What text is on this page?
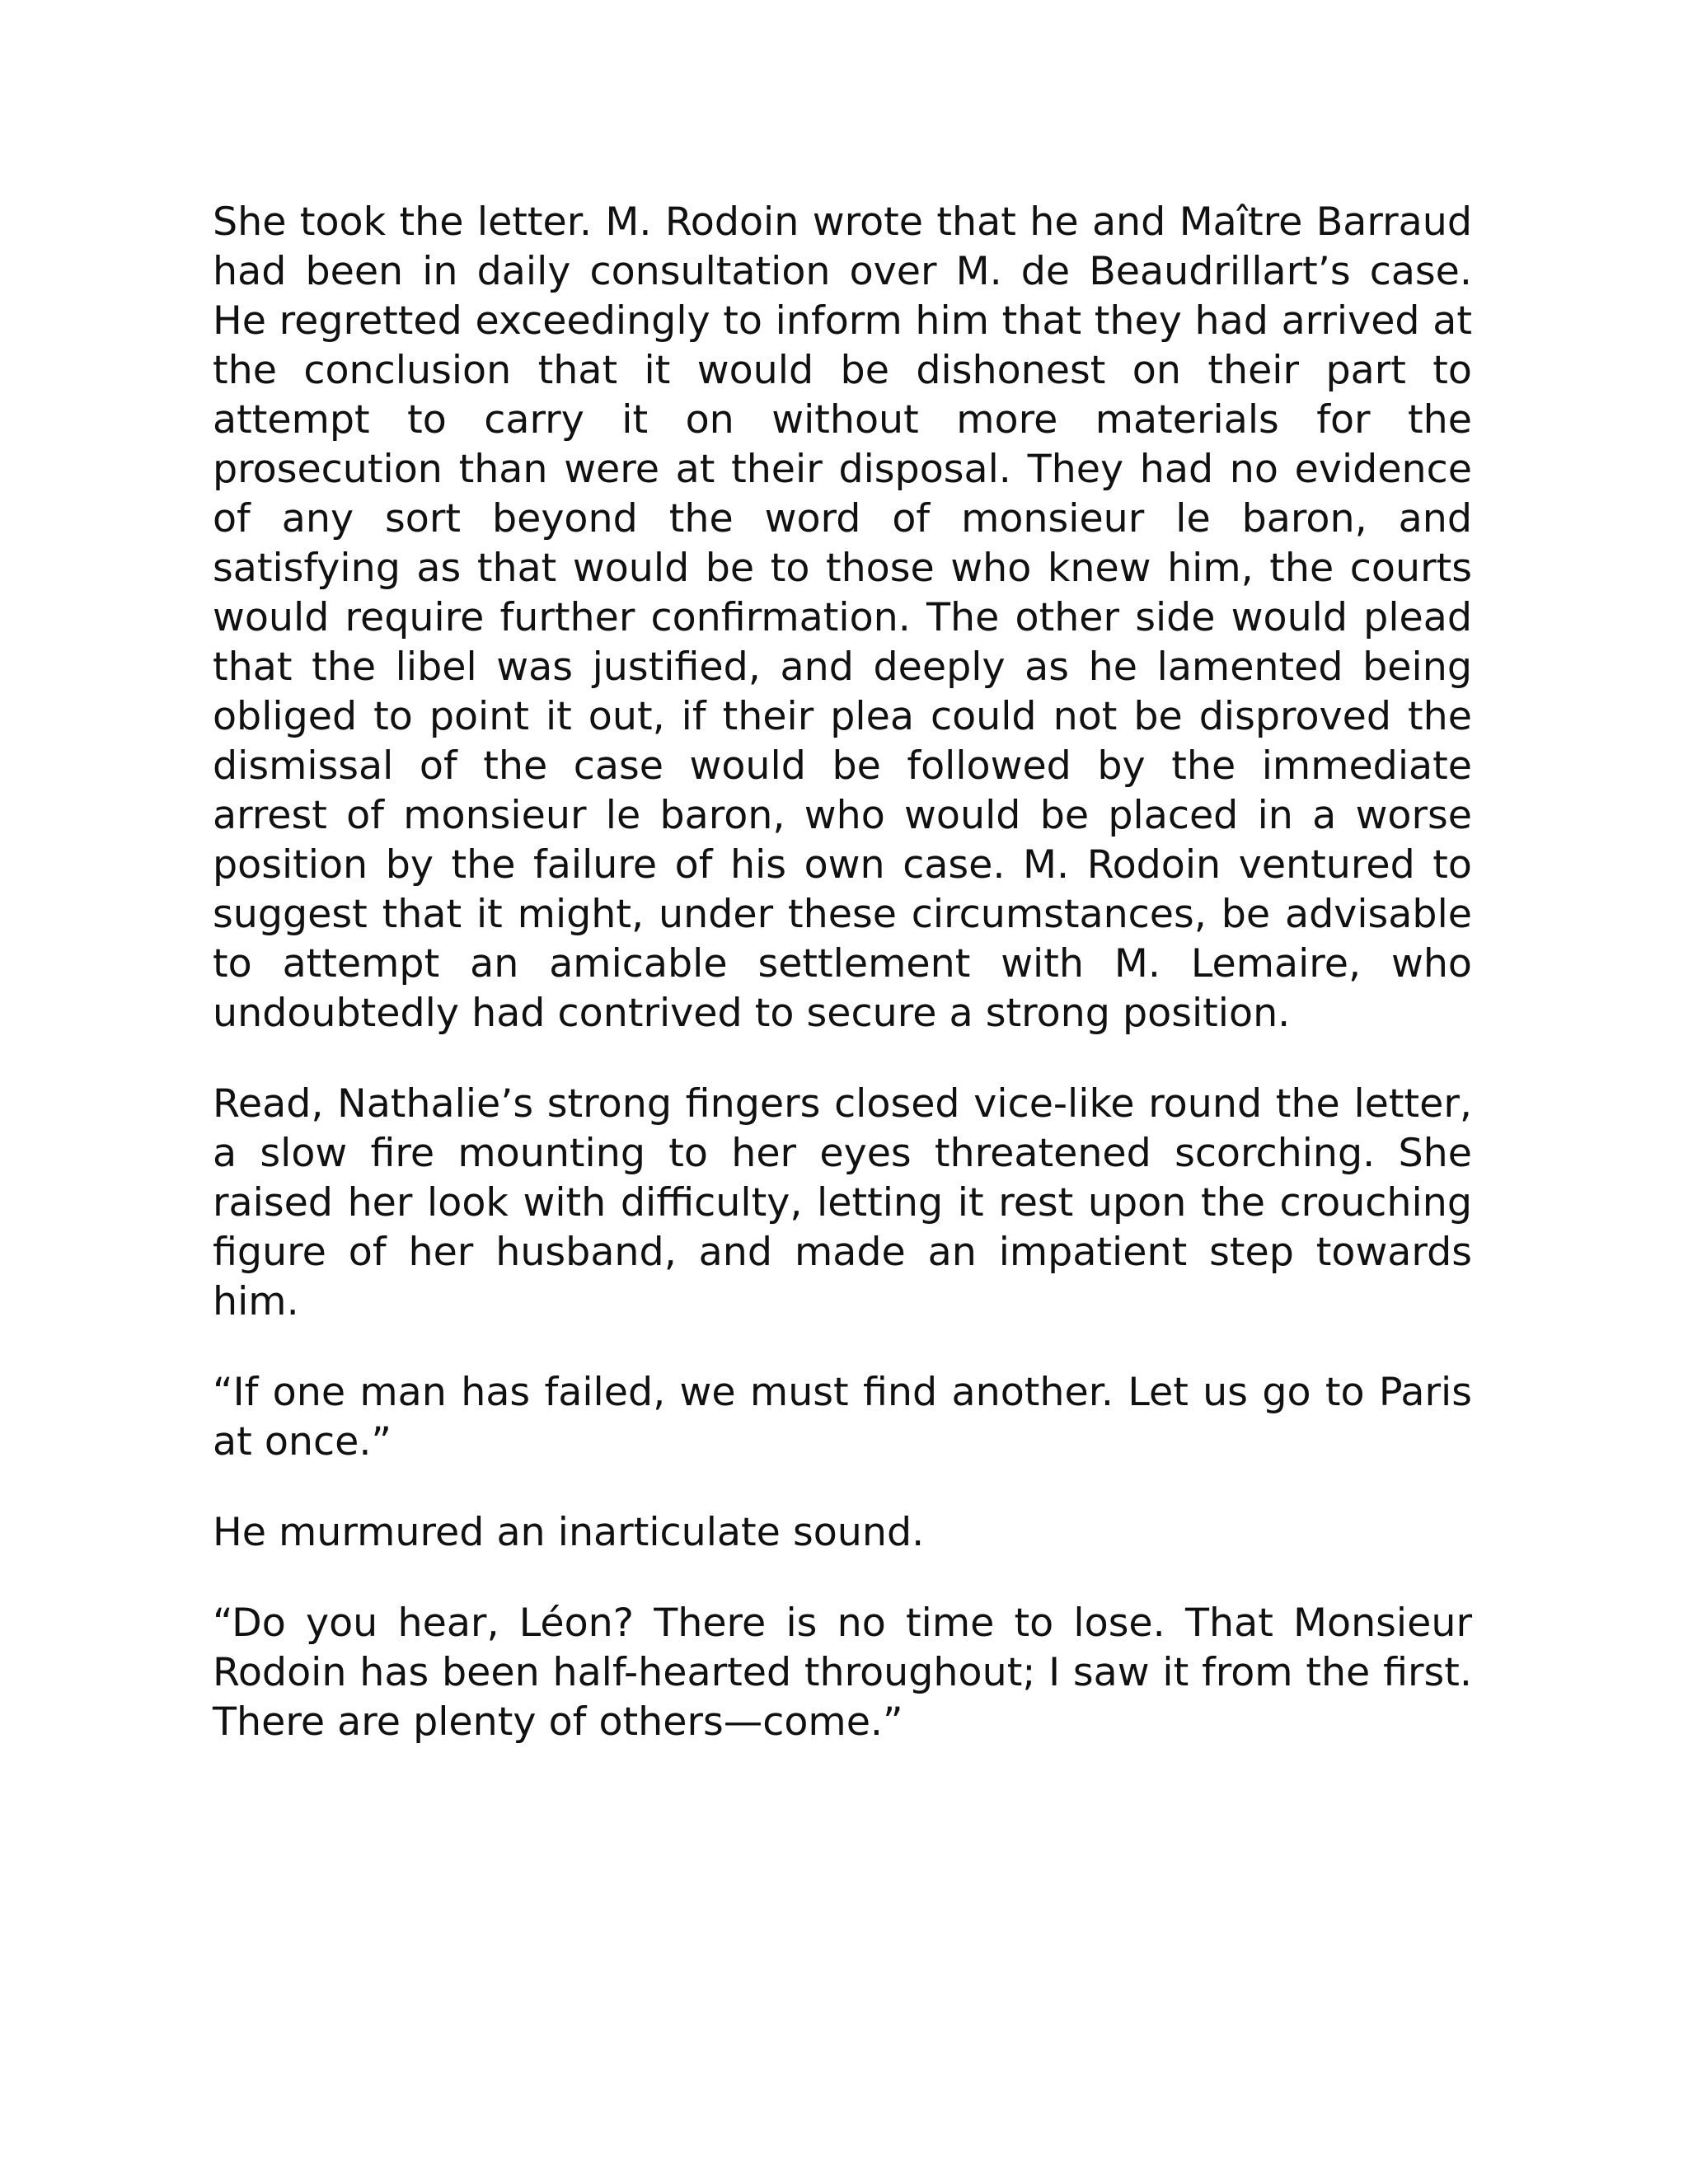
She took the letter. M. Rodoin wrote that he and Maître Barraud had been in daily consultation over M. de Beaudrillart’s case. He regretted exceedingly to inform him that they had arrived at the conclusion that it would be dishonest on their part to attempt to carry it on without more materials for the prosecution than were at their disposal. They had no evidence of any sort beyond the word of monsieur le baron, and satisfying as that would be to those who knew him, the courts would require further confirmation. The other side would plead that the libel was justified, and deeply as he lamented being obliged to point it out, if their plea could not be disproved the dismissal of the case would be followed by the immediate arrest of monsieur le baron, who would be placed in a worse position by the failure of his own case. M. Rodoin ventured to suggest that it might, under these circumstances, be advisable to attempt an amicable settlement with M. Lemaire, who undoubtedly had contrived to secure a strong position.

Read, Nathalie’s strong fingers closed vice-like round the letter, a slow fire mounting to her eyes threatened scorching. She raised her look with difficulty, letting it rest upon the crouching figure of her husband, and made an impatient step towards him.

“If one man has failed, we must find another. Let us go to Paris at once.”

He murmured an inarticulate sound.

“Do you hear, Léon? There is no time to lose. That Monsieur Rodoin has been half-hearted throughout; I saw it from the first. There are plenty of others—come.”
